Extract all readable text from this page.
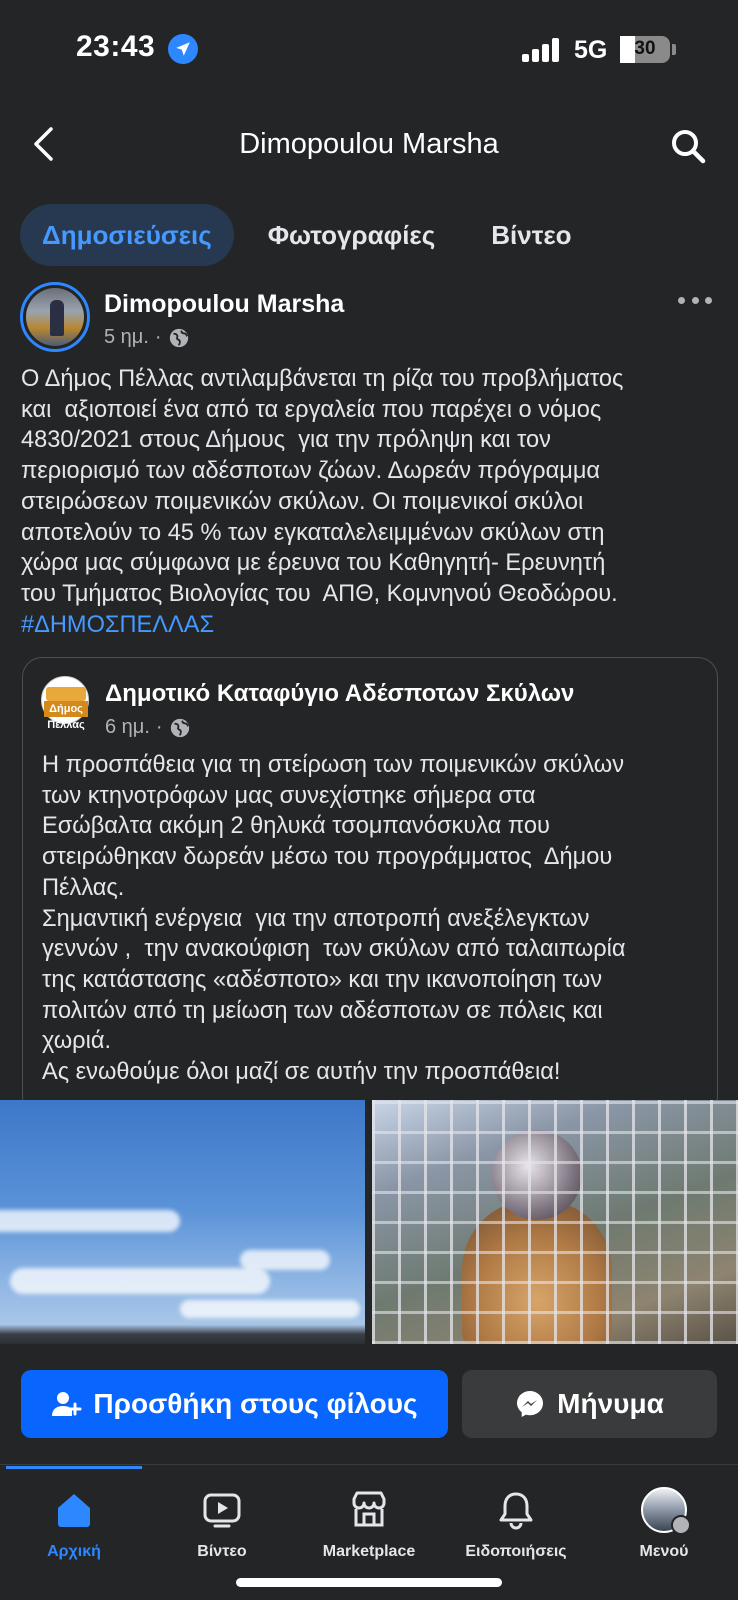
23:43	5G	30
Dimopoulou Marsha
Δημοσιεύσεις	Φωτογραφίες	Βίντεο
Dimopoulou Marsha
5 ημ. ·
Ο Δήμος Πέλλας αντιλαμβάνεται τη ρίζα του προβλήματος
και  αξιοποιεί ένα από τα εργαλεία που παρέχει ο νόμος
4830/2021 στους Δήμους  για την πρόληψη και τον
περιορισμό των αδέσποτων ζώων. Δωρεάν πρόγραμμα
στειρώσεων ποιμενικών σκύλων. Οι ποιμενικοί σκύλοι
αποτελούν το 45 % των εγκαταλελειμμένων σκύλων στη
χώρα μας σύμφωνα με έρευνα του Καθηγητή- Ερευνητή
του Τμήματος Βιολογίας του  ΑΠΘ, Κομνηνού Θεοδώρου.
#ΔΗΜΟΣΠΕΛΛΑΣ
Δήμος Πέλλας
Δημοτικό Καταφύγιο Αδέσποτων Σκύλων
6 ημ. ·
Η προσπάθεια για τη στείρωση των ποιμενικών σκύλων
των κτηνοτρόφων μας συνεχίστηκε σήμερα στα
Εσώβαλτα ακόμη 2 θηλυκά τσομπανόσκυλα που
στειρώθηκαν δωρεάν μέσω του προγράμματος  Δήμου
Πέλλας.
Σημαντική ενέργεια  για την αποτροπή ανεξέλεγκτων
γεννών ,  την ανακούφιση  των σκύλων από ταλαιπωρία
της κατάστασης «αδέσποτο» και την ικανοποίηση των
πολιτών από τη μείωση των αδέσποτων σε πόλεις και
χωριά.
Ας ενωθούμε όλοι μαζί σε αυτήν την προσπάθεια!
Προσθήκη στους φίλους	Μήνυμα
Αρχική	Βίντεο	Marketplace	Ειδοποιήσεις	Μενού
